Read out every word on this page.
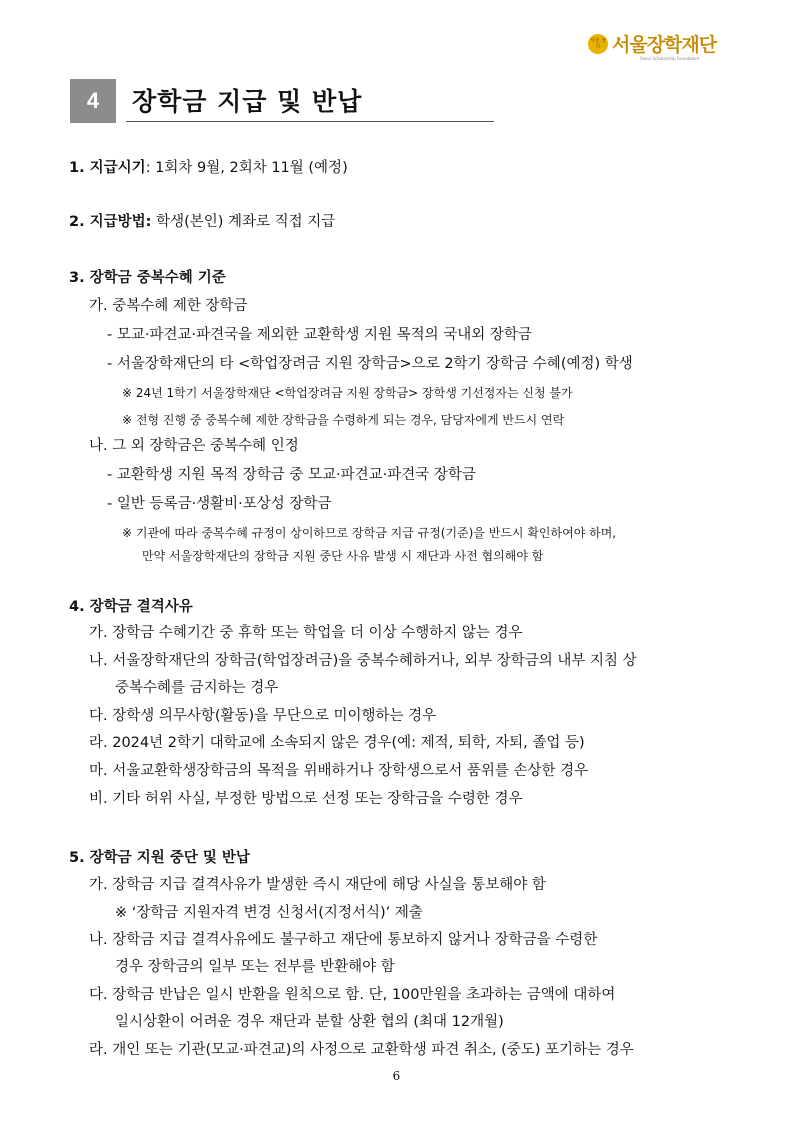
서울 장학 서울장학재단
Seoul Scholarship Foundation
4	장학금 지급 및 반납
1. 지급시기: 1회차 9월, 2회차 11월 (예정)
2. 지급방법: 학생(본인) 계좌로 직접 지급
3. 장학금 중복수혜 기준
가. 중복수혜 제한 장학금
- 모교·파견교·파견국을 제외한 교환학생 지원 목적의 국내외 장학금
- 서울장학재단의 타 <학업장려금 지원 장학금>으로 2학기 장학금 수혜(예정) 학생
※ 24년 1학기 서울장학재단 <학업장려금 지원 장학금> 장학생 기선정자는 신청 불가
※ 전형 진행 중 중복수혜 제한 장학금을 수령하게 되는 경우, 담당자에게 반드시 연락
나. 그 외 장학금은 중복수혜 인정
- 교환학생 지원 목적 장학금 중 모교·파견교·파견국 장학금
- 일반 등록금·생활비·포상성 장학금
※ 기관에 따라 중복수혜 규정이 상이하므로 장학금 지급 규정(기준)을 반드시 확인하여야 하며,
만약 서울장학재단의 장학금 지원 중단 사유 발생 시 재단과 사전 협의해야 함
4. 장학금 결격사유
가. 장학금 수혜기간 중 휴학 또는 학업을 더 이상 수행하지 않는 경우
나. 서울장학재단의 장학금(학업장려금)을 중복수혜하거나, 외부 장학금의 내부 지침 상
중복수혜를 금지하는 경우
다. 장학생 의무사항(활동)을 무단으로 미이행하는 경우
라. 2024년 2학기 대학교에 소속되지 않은 경우(예: 제적, 퇴학, 자퇴, 졸업 등)
마. 서울교환학생장학금의 목적을 위배하거나 장학생으로서 품위를 손상한 경우
비. 기타 허위 사실, 부정한 방법으로 선정 또는 장학금을 수령한 경우
5. 장학금 지원 중단 및 반납
가. 장학금 지급 결격사유가 발생한 즉시 재단에 해당 사실을 통보해야 함
※ ‘장학금 지원자격 변경 신청서(지정서식)’ 제출
나. 장학금 지급 결격사유에도 불구하고 재단에 통보하지 않거나 장학금을 수령한
경우 장학금의 일부 또는 전부를 반환해야 함
다. 장학금 반납은 일시 반환을 원칙으로 함. 단, 100만원을 초과하는 금액에 대하여
일시상환이 어려운 경우 재단과 분할 상환 협의 (최대 12개월)
라. 개인 또는 기관(모교·파견교)의 사정으로 교환학생 파견 취소, (중도) 포기하는 경우
6
